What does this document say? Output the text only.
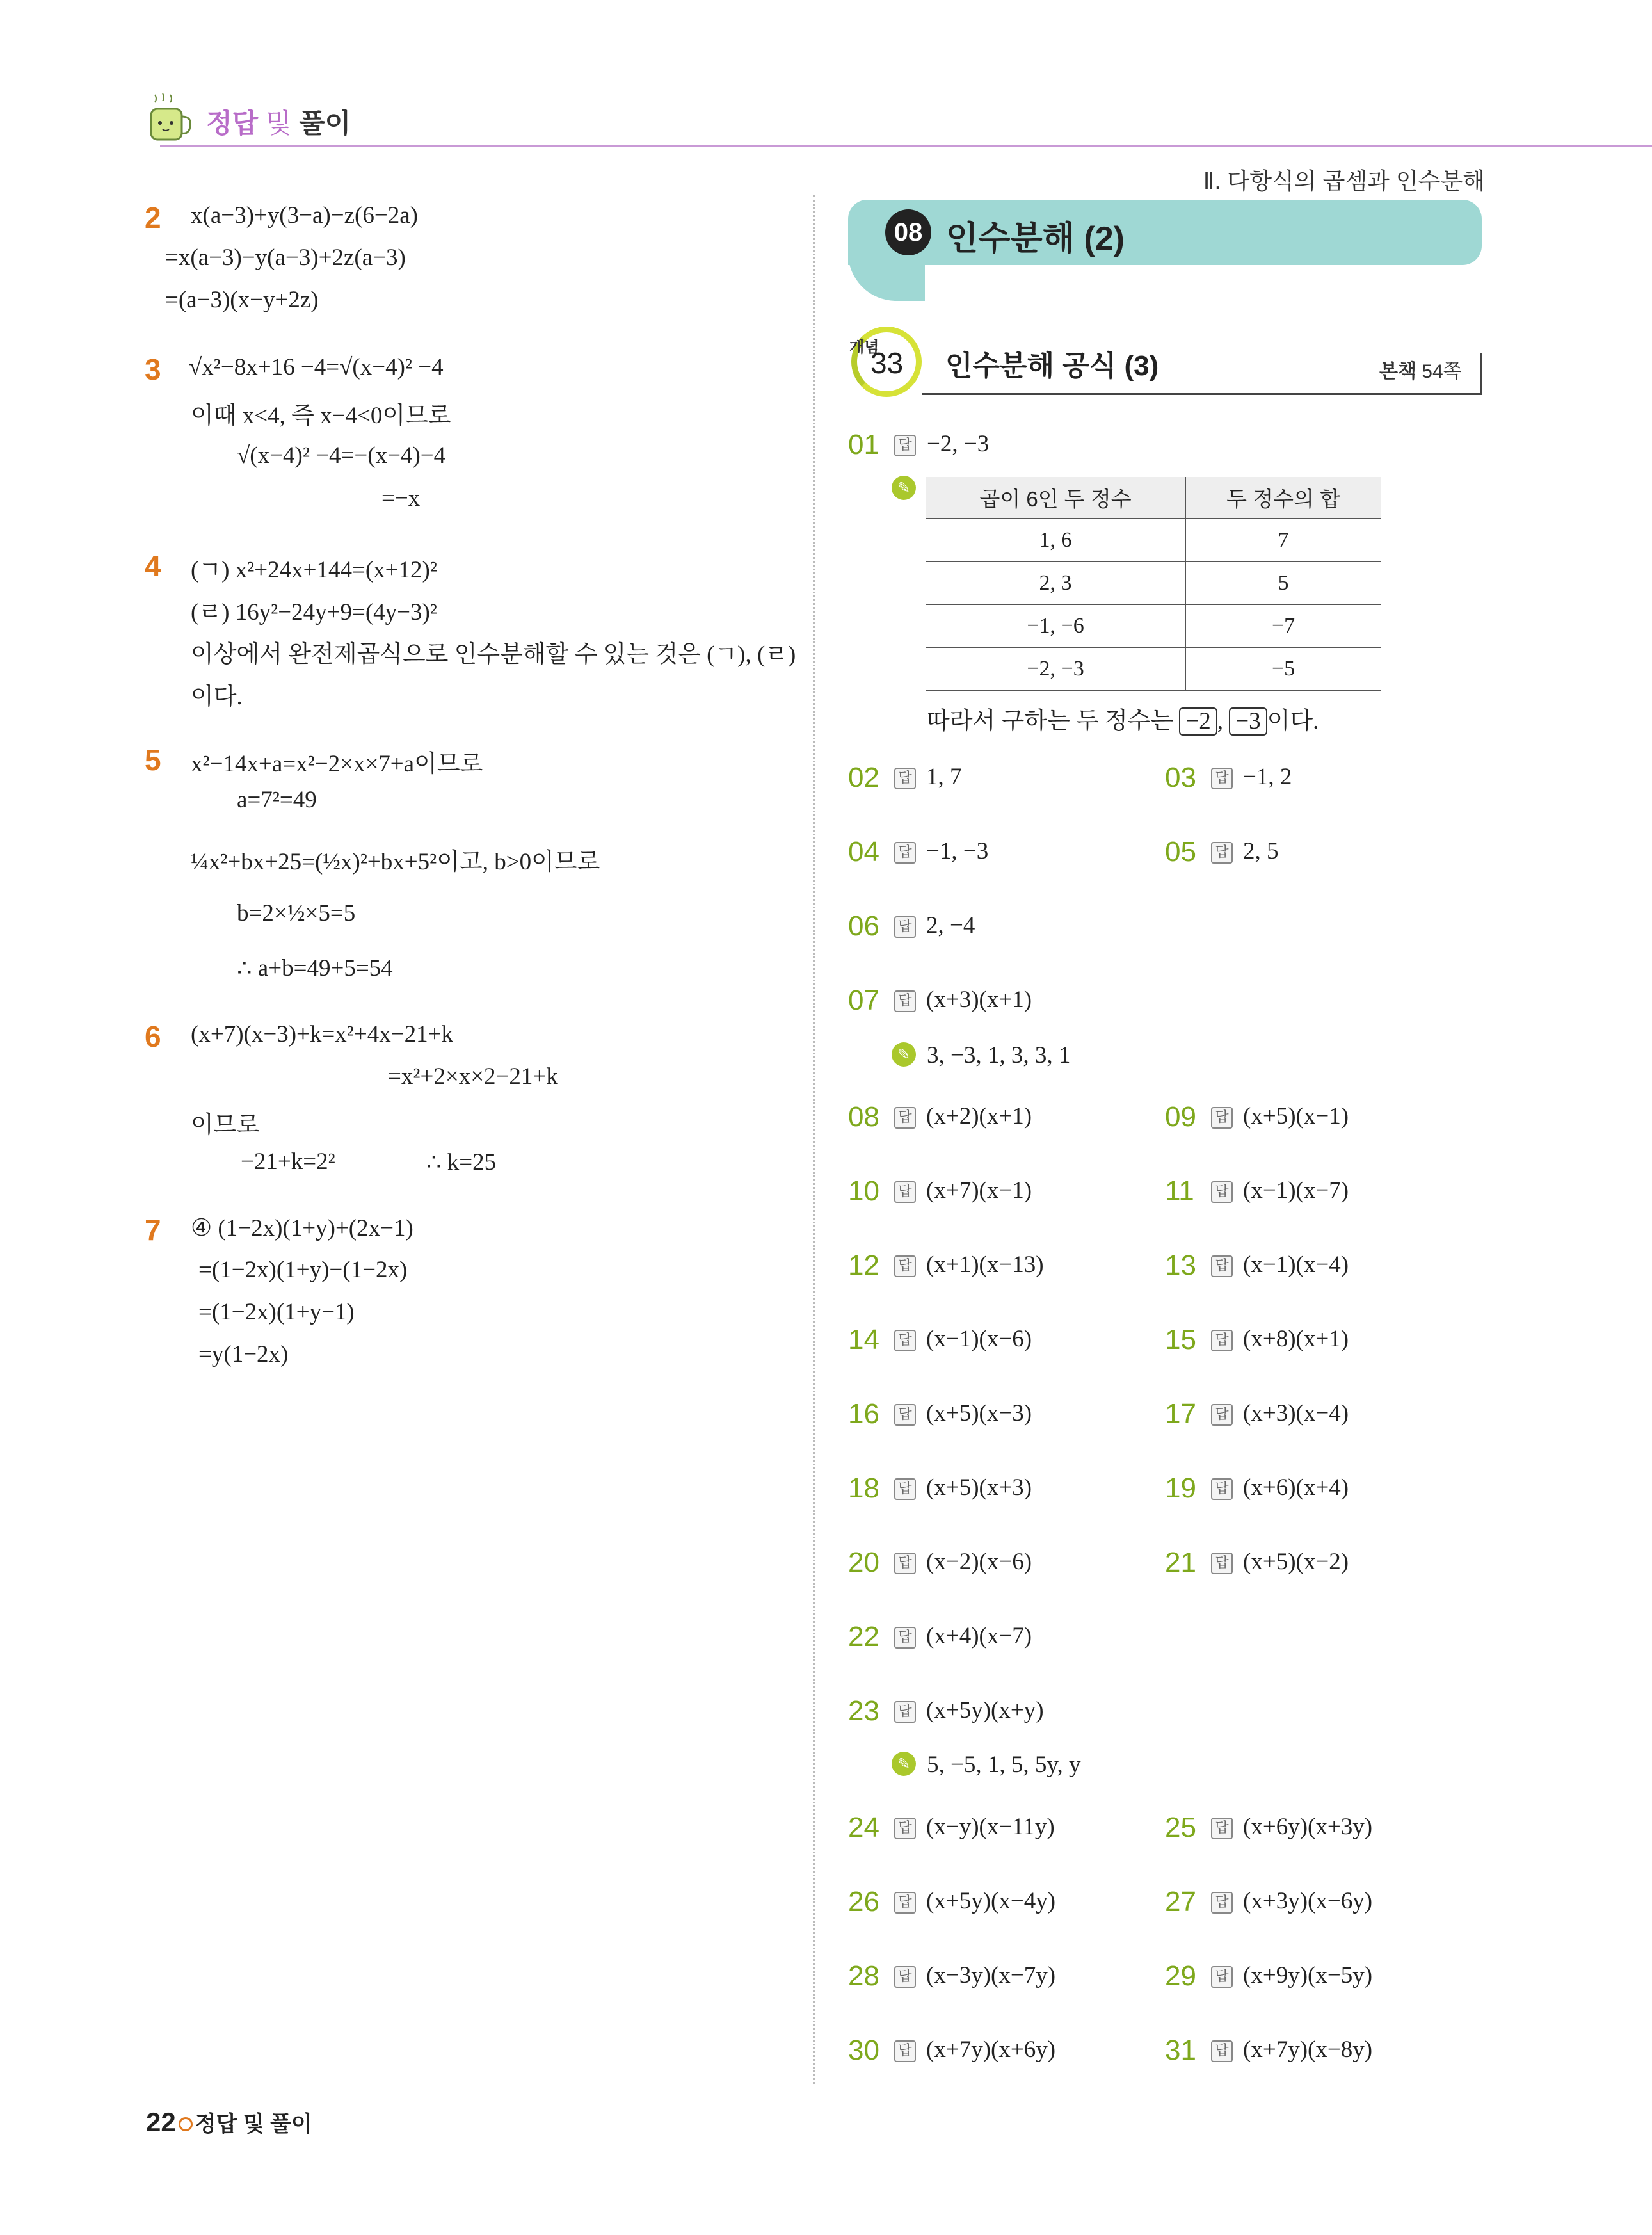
정답 및 풀이
Ⅱ. 다항식의 곱셈과 인수분해
2 x(a−3)+y(3−a)−z(6−2a)
=x(a−3)−y(a−3)+2z(a−3)
=(a−3)(x−y+2z)
3 √x²−8x+16 −4=√(x−4)² −4
이때 x<4, 즉 x−4<0이므로
√(x−4)² −4=−(x−4)−4
=−x
4 (ㄱ) x²+24x+144=(x+12)²
(ㄹ) 16y²−24y+9=(4y−3)²
이상에서 완전제곱식으로 인수분해할 수 있는 것은 (ㄱ), (ㄹ)
이다.
5 x²−14x+a=x²−2×x×7+a이므로
a=7²=49
¼x²+bx+25=(½x)²+bx+5²이고, b>0이므로
b=2×½×5=5
∴ a+b=49+5=54
6 (x+7)(x−3)+k=x²+4x−21+k
=x²+2×x×2−21+k
이므로
−21+k=2²	∴ k=25
7 ④ (1−2x)(1+y)+(2x−1)
=(1−2x)(1+y)−(1−2x)
=(1−2x)(1+y−1)
=y(1−2x)
08 인수분해 (2)
개념
33 인수분해 공식 (3)	본책 54쪽
01 답 −2, −3
✎	곱이 6인 두 정수	두 정수의 합
1, 6	7
2, 3	5
−1, −6	−7
−2, −3	−5
따라서 구하는 두 정수는 −2 , −3 이다.
02 답 1, 7	03 답 −1, 2
04 답 −1, −3	05 답 2, 5
06 답 2, −4
07 답 (x+3)(x+1)
08 답 (x+2)(x+1)	09 답 (x+5)(x−1)
10 답 (x+7)(x−1)	11 답 (x−1)(x−7)
12 답 (x+1)(x−13)	13 답 (x−1)(x−4)
14 답 (x−1)(x−6)	15 답 (x+8)(x+1)
16 답 (x+5)(x−3)	17 답 (x+3)(x−4)
18 답 (x+5)(x+3)	19 답 (x+6)(x+4)
20 답 (x−2)(x−6)	21 답 (x+5)(x−2)
22 답 (x+4)(x−7)
23 답 (x+5y)(x+y)
24 답 (x−y)(x−11y)	25 답 (x+6y)(x+3y)
26 답 (x+5y)(x−4y)	27 답 (x+3y)(x−6y)
28 답 (x−3y)(x−7y)	29 답 (x+9y)(x−5y)
30 답 (x+7y)(x+6y)	31 답 (x+7y)(x−8y)
✎ 3, −3, 1, 3, 3, 1
✎ 5, −5, 1, 5, 5y, y
22 정답 및 풀이
